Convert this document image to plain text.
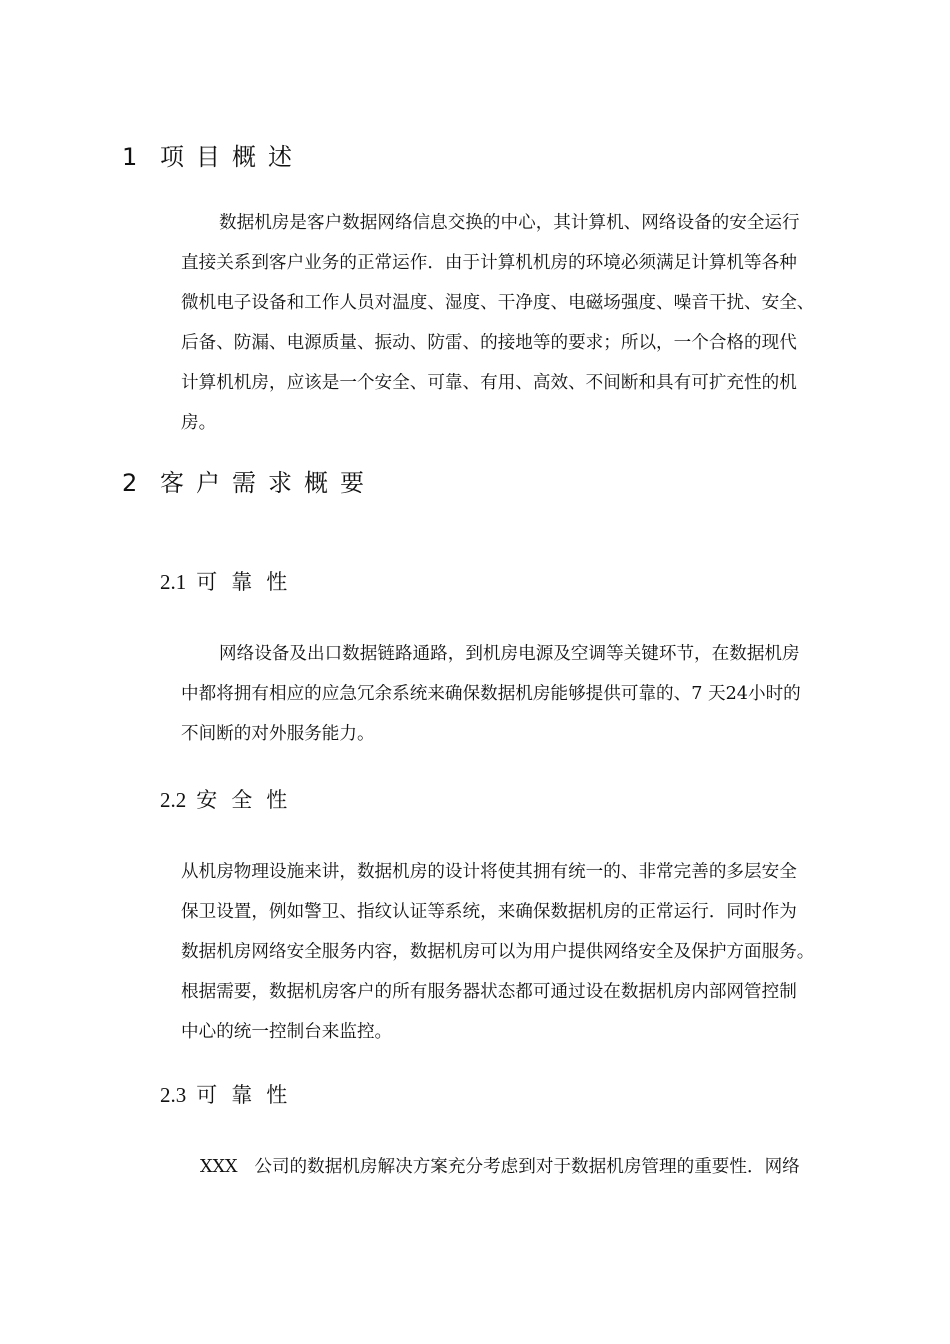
1 项目概述
数据机房是客户数据网络信息交换的中心，其计算机、网络设备的安全运行
直接关系到客户业务的正常运作．由于计算机机房的环境必须满足计算机等各种
微机电子设备和工作人员对温度、湿度、干净度、电磁场强度、噪音干扰、安全、
后备、防漏、电源质量、振动、防雷、的接地等的要求；所以，一个合格的现代
计算机机房，应该是一个安全、可靠、有用、高效、不间断和具有可扩充性的机
房。
2 客户需求概要
2.1 可靠性
网络设备及出口数据链路通路，到机房电源及空调等关键环节，在数据机房
中都将拥有相应的应急冗余系统来确保数据机房能够提供可靠的、7 天24小时的
不间断的对外服务能力。
2.2 安全性
从机房物理设施来讲，数据机房的设计将使其拥有统一的、非常完善的多层安全
保卫设置，例如警卫、指纹认证等系统，来确保数据机房的正常运行．同时作为
数据机房网络安全服务内容，数据机房可以为用户提供网络安全及保护方面服务。
根据需要，数据机房客户的所有服务器状态都可通过设在数据机房内部网管控制
中心的统一控制台来监控。
2.3 可靠性
XXX   公司的数据机房解决方案充分考虑到对于数据机房管理的重要性．网络
